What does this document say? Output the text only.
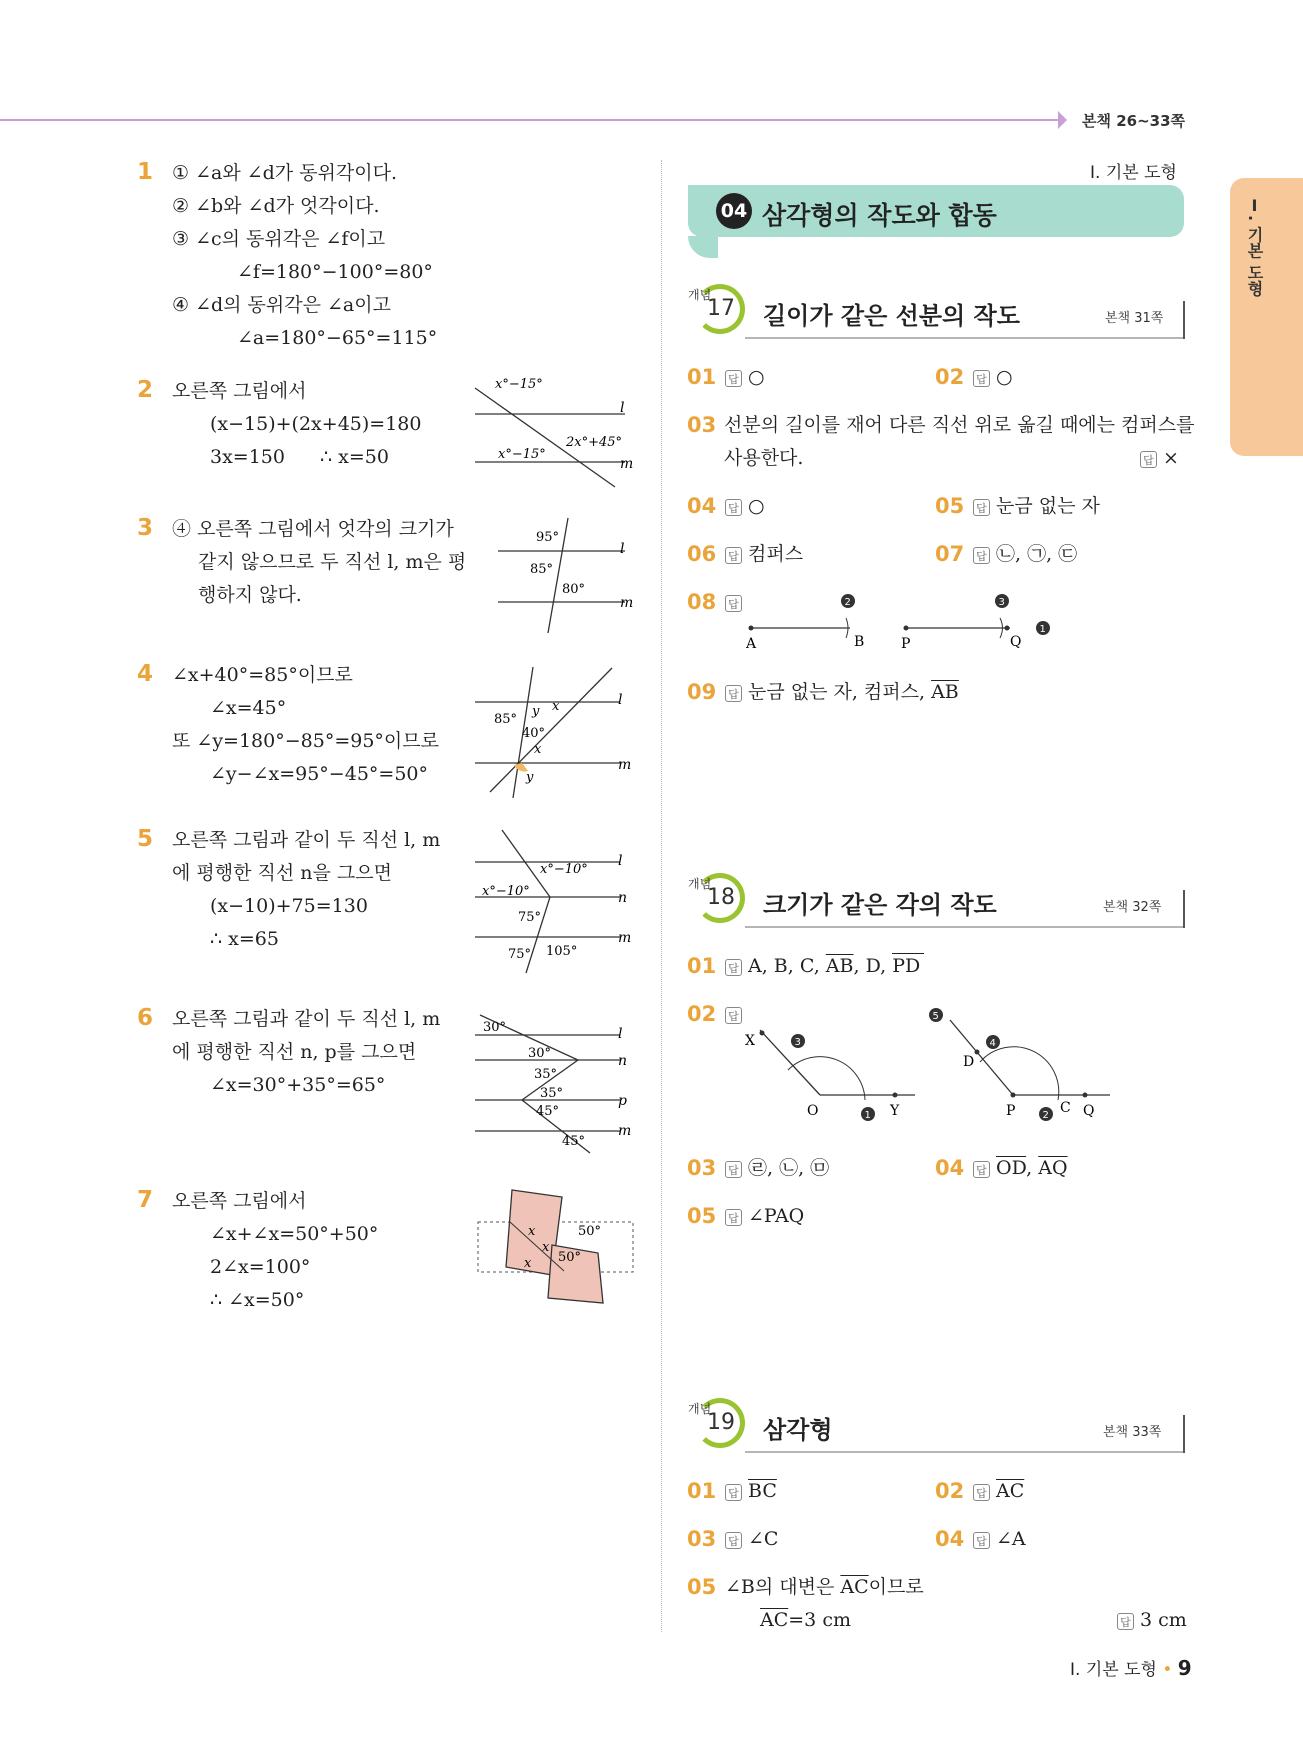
본책 26~33쪽
Ⅰ. 기본 도형
1 ① ∠a와 ∠d가 동위각이다.
② ∠b와 ∠d가 엇각이다.
③ ∠c의 동위각은 ∠f이고
∠f=180°−100°=80°
④ ∠d의 동위각은 ∠a이고
∠a=180°−65°=115°
2 오른쪽 그림에서
(x−15)+(2x+45)=180
3x=150 ∴ x=50
x°−15°
x°−15°
2x°+45°
l
m
3 ④ 오른쪽 그림에서 엇각의 크기가
같지 않으므로 두 직선 l, m은 평
행하지 않다.
95°
85°
80°
l
m
4 ∠x+40°=85°이므로
∠x=45°
또 ∠y=180°−85°=95°이므로
∠y−∠x=95°−45°=50°
85°
y x
40°
x
y
l
m
5 오른쪽 그림과 같이 두 직선 l, m
에 평행한 직선 n을 그으면
(x−10)+75=130
∴ x=65
x°−10°
x°−10°
75°
75° 105°
l
n
m
6 오른쪽 그림과 같이 두 직선 l, m
에 평행한 직선 n, p를 그으면
∠x=30°+35°=65°
30°
30°
35°
35°
45°
45°
l
n
p
m
7 오른쪽 그림에서
∠x+∠x=50°+50°
2∠x=100°
∴ ∠x=50°
x
x
x
50°
50°
Ⅰ. 기본 도형
04 삼각형의 작도와 합동
개념
17 길이가 같은 선분의 작도	본책 31쪽
01 답 ○	02 답 ○
03 선분의 길이를 재어 다른 직선 위로 옮길 때에는 컴퍼스를
사용한다.	답 ×
04 답 ○	05 답 눈금 없는 자
06 답 컴퍼스	07 답 ㉡, ㉠, ㉢
08 답
A	B	P	Q
2	3
1
09 답 눈금 없는 자, 컴퍼스, $\overline{AB}$
개념
18 크기가 같은 각의 작도	본책 32쪽
01 답 A, B, C, $\overline{AB}$, D, PD
02 답
X
O	Y
D
P	C Q
1	2
3	4
5
03 답 ㉣, ㉡, ㉤	04 답 $\overline{OD}$, $\overline{AQ}$
05 답 ∠PAQ
개념
19 삼각형	본책 33쪽
01 답 $\overline{BC}$	02 답 $\overline{AC}$
03 답 ∠C	04 답 ∠A
05 ∠B의 대변은 $\overline{AC}$이므로
$\overline{AC}=3$ cm	답 3 cm
Ⅰ. 기본 도형 • 9
